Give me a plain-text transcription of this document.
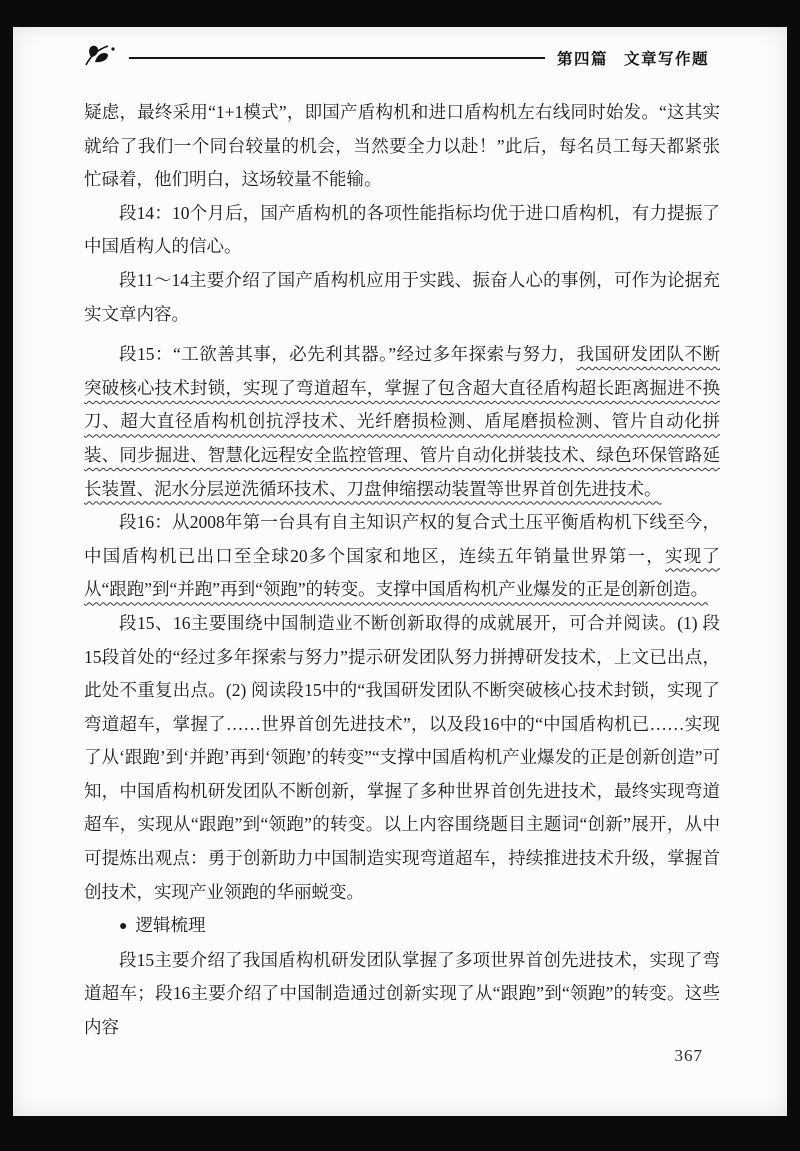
第四篇 文章写作题

疑虑，最终采用“1+1模式”，即国产盾构机和进口盾构机左右线同时始发。“这其实就给了我们一个同台较量的机会，当然要全力以赴！”此后，每名员工每天都紧张忙碌着，他们明白，这场较量不能输。

段14：10个月后，国产盾构机的各项性能指标均优于进口盾构机，有力提振了中国盾构人的信心。

段11～14主要介绍了国产盾构机应用于实践、振奋人心的事例，可作为论据充实文章内容。

段15：“工欲善其事，必先利其器。”经过多年探索与努力，我国研发团队不断突破核心技术封锁，实现了弯道超车，掌握了包含超大直径盾构超长距离掘进不换刀、超大直径盾构机创抗浮技术、光纤磨损检测、盾尾磨损检测、管片自动化拼装、同步掘进、智慧化远程安全监控管理、管片自动化拼装技术、绿色环保管路延长装置、泥水分层逆洗循环技术、刀盘伸缩摆动装置等世界首创先进技术。

段16：从2008年第一台具有自主知识产权的复合式土压平衡盾构机下线至今，中国盾构机已出口至全球20多个国家和地区，连续五年销量世界第一，实现了从“跟跑”到“并跑”再到“领跑”的转变。支撑中国盾构机产业爆发的正是创新创造。

段15、16主要围绕中国制造业不断创新取得的成就展开，可合并阅读。(1) 段15段首处的“经过多年探索与努力”提示研发团队努力拼搏研发技术，上文已出点，此处不重复出点。(2) 阅读段15中的“我国研发团队不断突破核心技术封锁，实现了弯道超车，掌握了……世界首创先进技术”，以及段16中的“中国盾构机已……实现了从‘跟跑’到‘并跑’再到‘领跑’的转变”“支撑中国盾构机产业爆发的正是创新创造”可知，中国盾构机研发团队不断创新，掌握了多种世界首创先进技术，最终实现弯道超车，实现从“跟跑”到“领跑”的转变。以上内容围绕题目主题词“创新”展开，从中可提炼出观点：勇于创新助力中国制造实现弯道超车，持续推进技术升级，掌握首创技术，实现产业领跑的华丽蜕变。

● 逻辑梳理

段15主要介绍了我国盾构机研发团队掌握了多项世界首创先进技术，实现了弯道超车；段16主要介绍了中国制造通过创新实现了从“跟跑”到“领跑”的转变。这些内容

367
